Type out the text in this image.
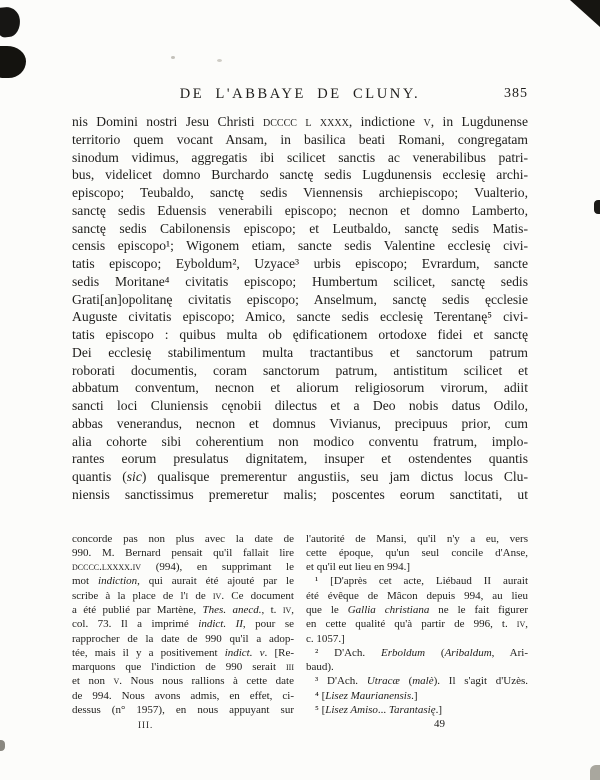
DE L'ABBAYE DE CLUNY.	385
nis Domini nostri Jesu Christi dcccc l xxxx, indictione v, in Lugdunense
territorio quem vocant Ansam, in basilica beati Romani, congregatam
sinodum vidimus, aggregatis ibi scilicet sanctis ac venerabilibus patri-
bus, videlicet domno Burchardo sanctę sedis Lugdunensis ecclesię archi-
episcopo; Teubaldo, sanctę sedis Viennensis archiepiscopo; Vualterio,
sanctę sedis Eduensis venerabili episcopo; necnon et domno Lamberto,
sanctę sedis Cabilonensis episcopo; et Leutbaldo, sanctę sedis Matis-
censis episcopo¹; Wigonem etiam, sancte sedis Valentine ecclesię civi-
tatis episcopo; Eyboldum², Uzyace³ urbis episcopo; Evrardum, sancte
sedis Moritane⁴ civitatis episcopo; Humbertum scilicet, sanctę sedis
Grati[an]opolitanę civitatis episcopo; Anselmum, sanctę sedis ęcclesie
Auguste civitatis episcopo; Amico, sancte sedis ecclesię Terentanę⁵ civi-
tatis episcopo : quibus multa ob ędificationem ortodoxe fidei et sanctę
Dei ecclesię stabilimentum multa tractantibus et sanctorum patrum
roborati documentis, coram sanctorum patrum, antistitum scilicet et
abbatum conventum, necnon et aliorum religiosorum virorum, adiit
sancti loci Cluniensis cęnobii dilectus et a Deo nobis datus Odilo,
abbas venerandus, necnon et domnus Vivianus, precipuus prior, cum
alia cohorte sibi coherentium non modico conventu fratrum, implo-
rantes eorum presulatus dignitatem, insuper et ostendentes quantis
quantis (sic) qualisque premerentur angustiis, seu jam dictus locus Clu-
niensis sanctissimus premeretur malis; poscentes eorum sanctitati, ut
concorde pas non plus avec la date de
990. M. Bernard pensait qu'il fallait lire
dcccc.lxxxx.iv (994), en supprimant le
mot indiction, qui aurait été ajouté par le
scribe à la place de l'i de iv. Ce document
a été publié par Martène, Thes. anecd., t. iv,
col. 73. Il a imprimé indict. II, pour se
rapprocher de la date de 990 qu'il a adop-
tée, mais il y a positivement indict. v. [Re-
marquons que l'indiction de 990 serait iii
et non v. Nous nous rallions à cette date
de 994. Nous avons admis, en effet, ci-
dessus (n° 1957), en nous appuyant sur
l'autorité de Mansi, qu'il n'y a eu, vers
cette époque, qu'un seul concile d'Anse,
et qu'il eut lieu en 994.]
¹ [D'après cet acte, Liébaud II aurait
été évêque de Mâcon depuis 994, au lieu
que le Gallia christiana ne le fait figurer
en cette qualité qu'à partir de 996, t. iv,
c. 1057.]
² D'Ach. Erboldum (Aribaldum, Ari-
baud).
³ D'Ach. Utracæ (malè). Il s'agit d'Uzès.
⁴ [Lisez Maurianensis.]
⁵ [Lisez Amiso... Tarantasię.]
III.	49
